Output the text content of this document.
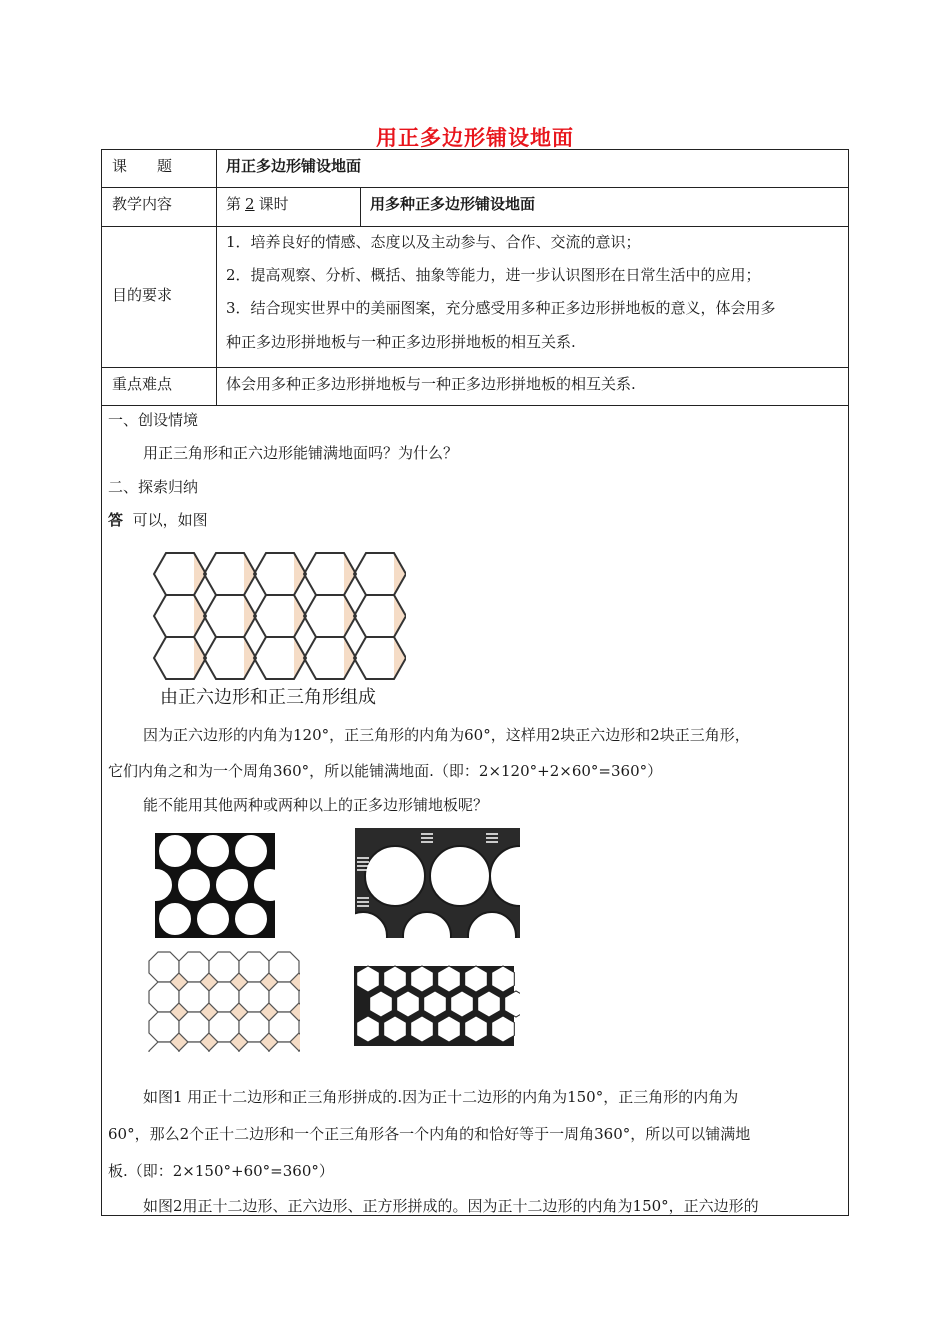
用正多边形铺设地面
课　　题	用正多边形铺设地面
教学内容	第 2 课时	用多种正多边形铺设地面
目的要求
1．培养良好的情感、态度以及主动参与、合作、交流的意识；
2．提高观察、分析、概括、抽象等能力，进一步认识图形在日常生活中的应用；
3．结合现实世界中的美丽图案，充分感受用多种正多边形拼地板的意义，体会用多
种正多边形拼地板与一种正多边形拼地板的相互关系.
重点难点	体会用多种正多边形拼地板与一种正多边形拼地板的相互关系.
一、创设情境
用正三角形和正六边形能铺满地面吗？为什么？
二、探索归纳
答 可以，如图
由正六边形和正三角形组成
因为正六边形的内角为120°，正三角形的内角为60°，这样用2块正六边形和2块正三角形，
它们内角之和为一个周角360°，所以能铺满地面.（即：2×120°+2×60°=360°）
能不能用其他两种或两种以上的正多边形铺地板呢？
如图1 用正十二边形和正三角形拼成的.因为正十二边形的内角为150°，正三角形的内角为
60°，那么2个正十二边形和一个正三角形各一个内角的和恰好等于一周角360°，所以可以铺满地
板.（即：2×150°+60°=360°）
如图2用正十二边形、正六边形、正方形拼成的。因为正十二边形的内角为150°，正六边形的
